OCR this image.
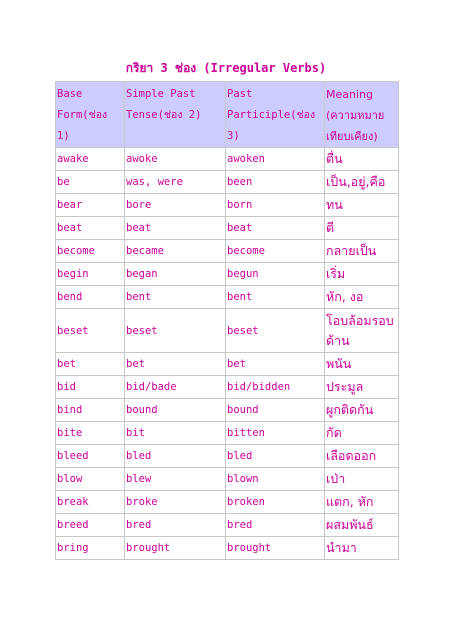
กริยา 3 ช่อง (Irregular Verbs)
Base Form(ช่อง 1)	Simple Past Tense(ช่อง 2)	Past Participle(ช่อง 3)	Meaning (ความหมายเทียบเคียง)
awake	awoke	awoken	ตื่น
be	was, were	been	เป็น,อยู่,คือ
bear	bore	born	ทน
beat	beat	beat	ตี
become	became	become	กลายเป็น
begin	began	begun	เริ่ม
bend	bent	bent	หัก, งอ
beset	beset	beset	โอบล้อมรอบด้าน
bet	bet	bet	พนัน
bid	bid/bade	bid/bidden	ประมูล
bind	bound	bound	ผูกติดกัน
bite	bit	bitten	กัด
bleed	bled	bled	เลือดออก
blow	blew	blown	เป่า
break	broke	broken	แตก, หัก
breed	bred	bred	ผสมพันธ์
bring	brought	brought	นำมา
